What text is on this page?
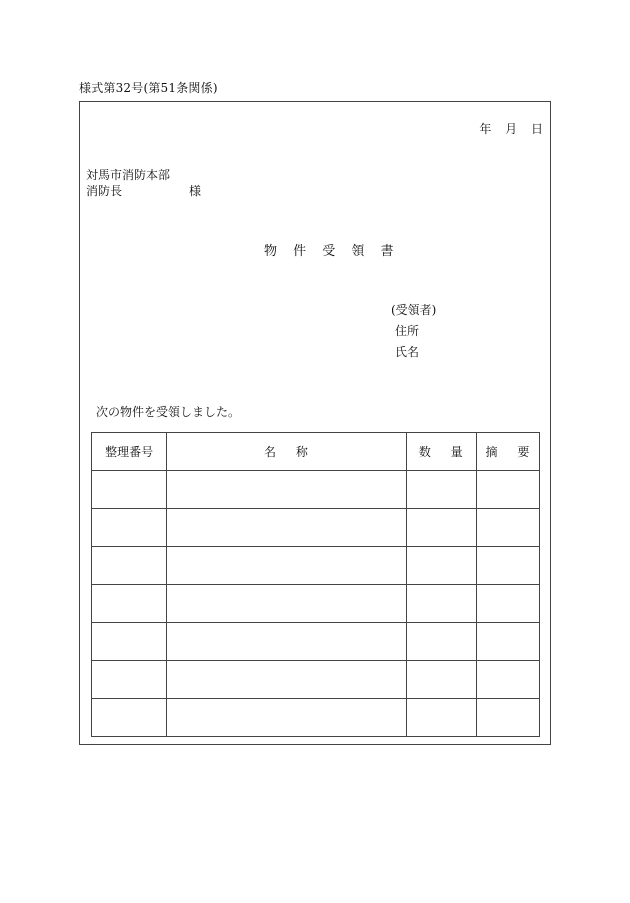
様式第32号(第51条関係)
年 月 日
対馬市消防本部
消防長	様
物 件 受 領 書
(受領者)
住所
氏名
次の物件を受領しました。
整理番号	名 称	数 量	摘 要
